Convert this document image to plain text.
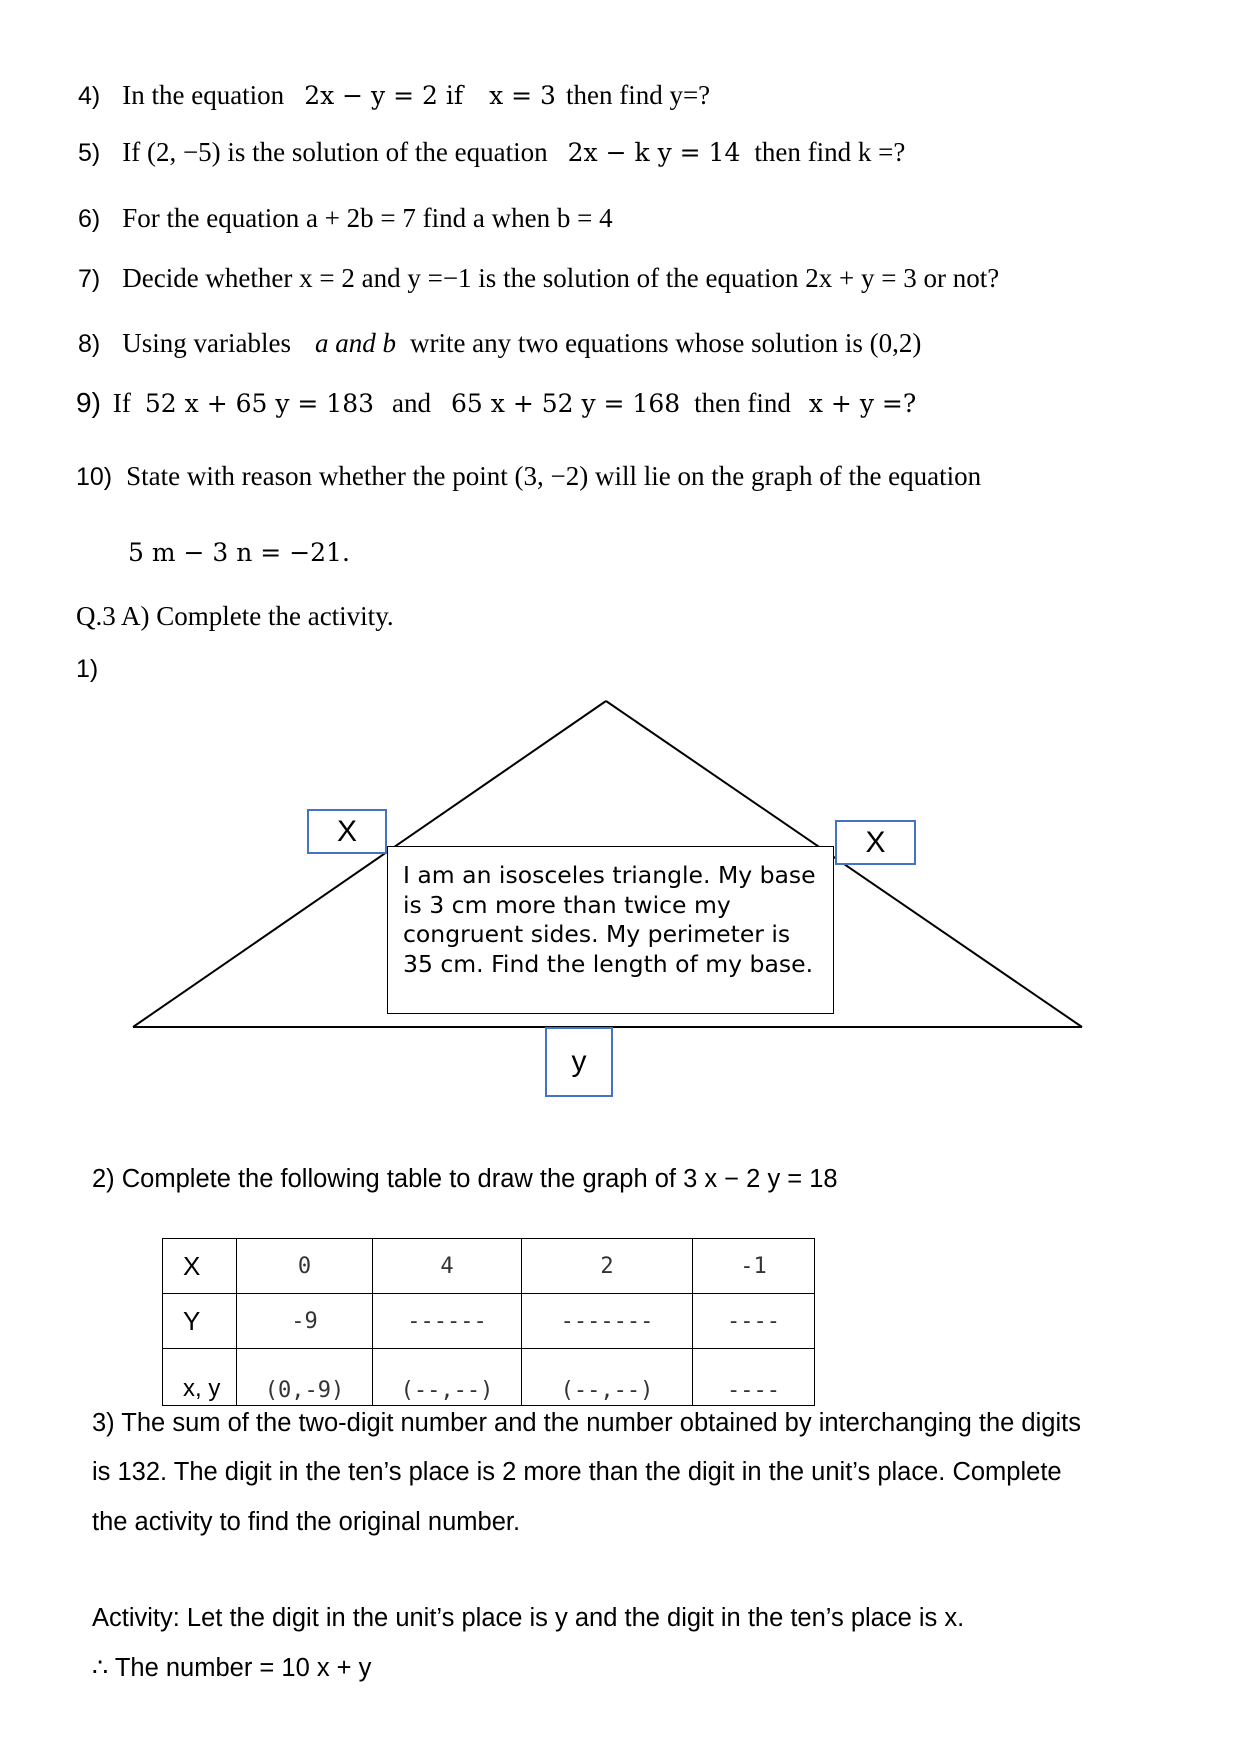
4) In the equation 2x − y = 2 if x = 3 then find y=?
5) If (2, −5) is the solution of the equation 2x − k y = 14 then find k =?
6) For the equation a + 2b = 7 find a when b = 4
7) Decide whether x = 2 and y =−1 is the solution of the equation 2x + y = 3 or not?
8) Using variables a and b write any two equations whose solution is (0,2)
9) If 52 x + 65 y = 183 and 65 x + 52 y = 168 then find x + y =?
10) State with reason whether the point (3, −2) will lie on the graph of the equation
5 m − 3 n = −21.
Q.3 A) Complete the activity.
1)
X	X
y
I am an isosceles triangle. My base is 3 cm more than twice my congruent sides. My perimeter is 35 cm. Find the length of my base.
2) Complete the following table to draw the graph of 3 x − 2 y = 18
X	0	4	2	-1
Y	-9	------	-------	----
x, y	(0,-9)	(--,--)	(--,--)	----
3) The sum of the two-digit number and the number obtained by interchanging the digits
is 132. The digit in the ten’s place is 2 more than the digit in the unit’s place. Complete
the activity to find the original number.
Activity: Let the digit in the unit’s place is y and the digit in the ten’s place is x.
∴ The number = 10 x + y
